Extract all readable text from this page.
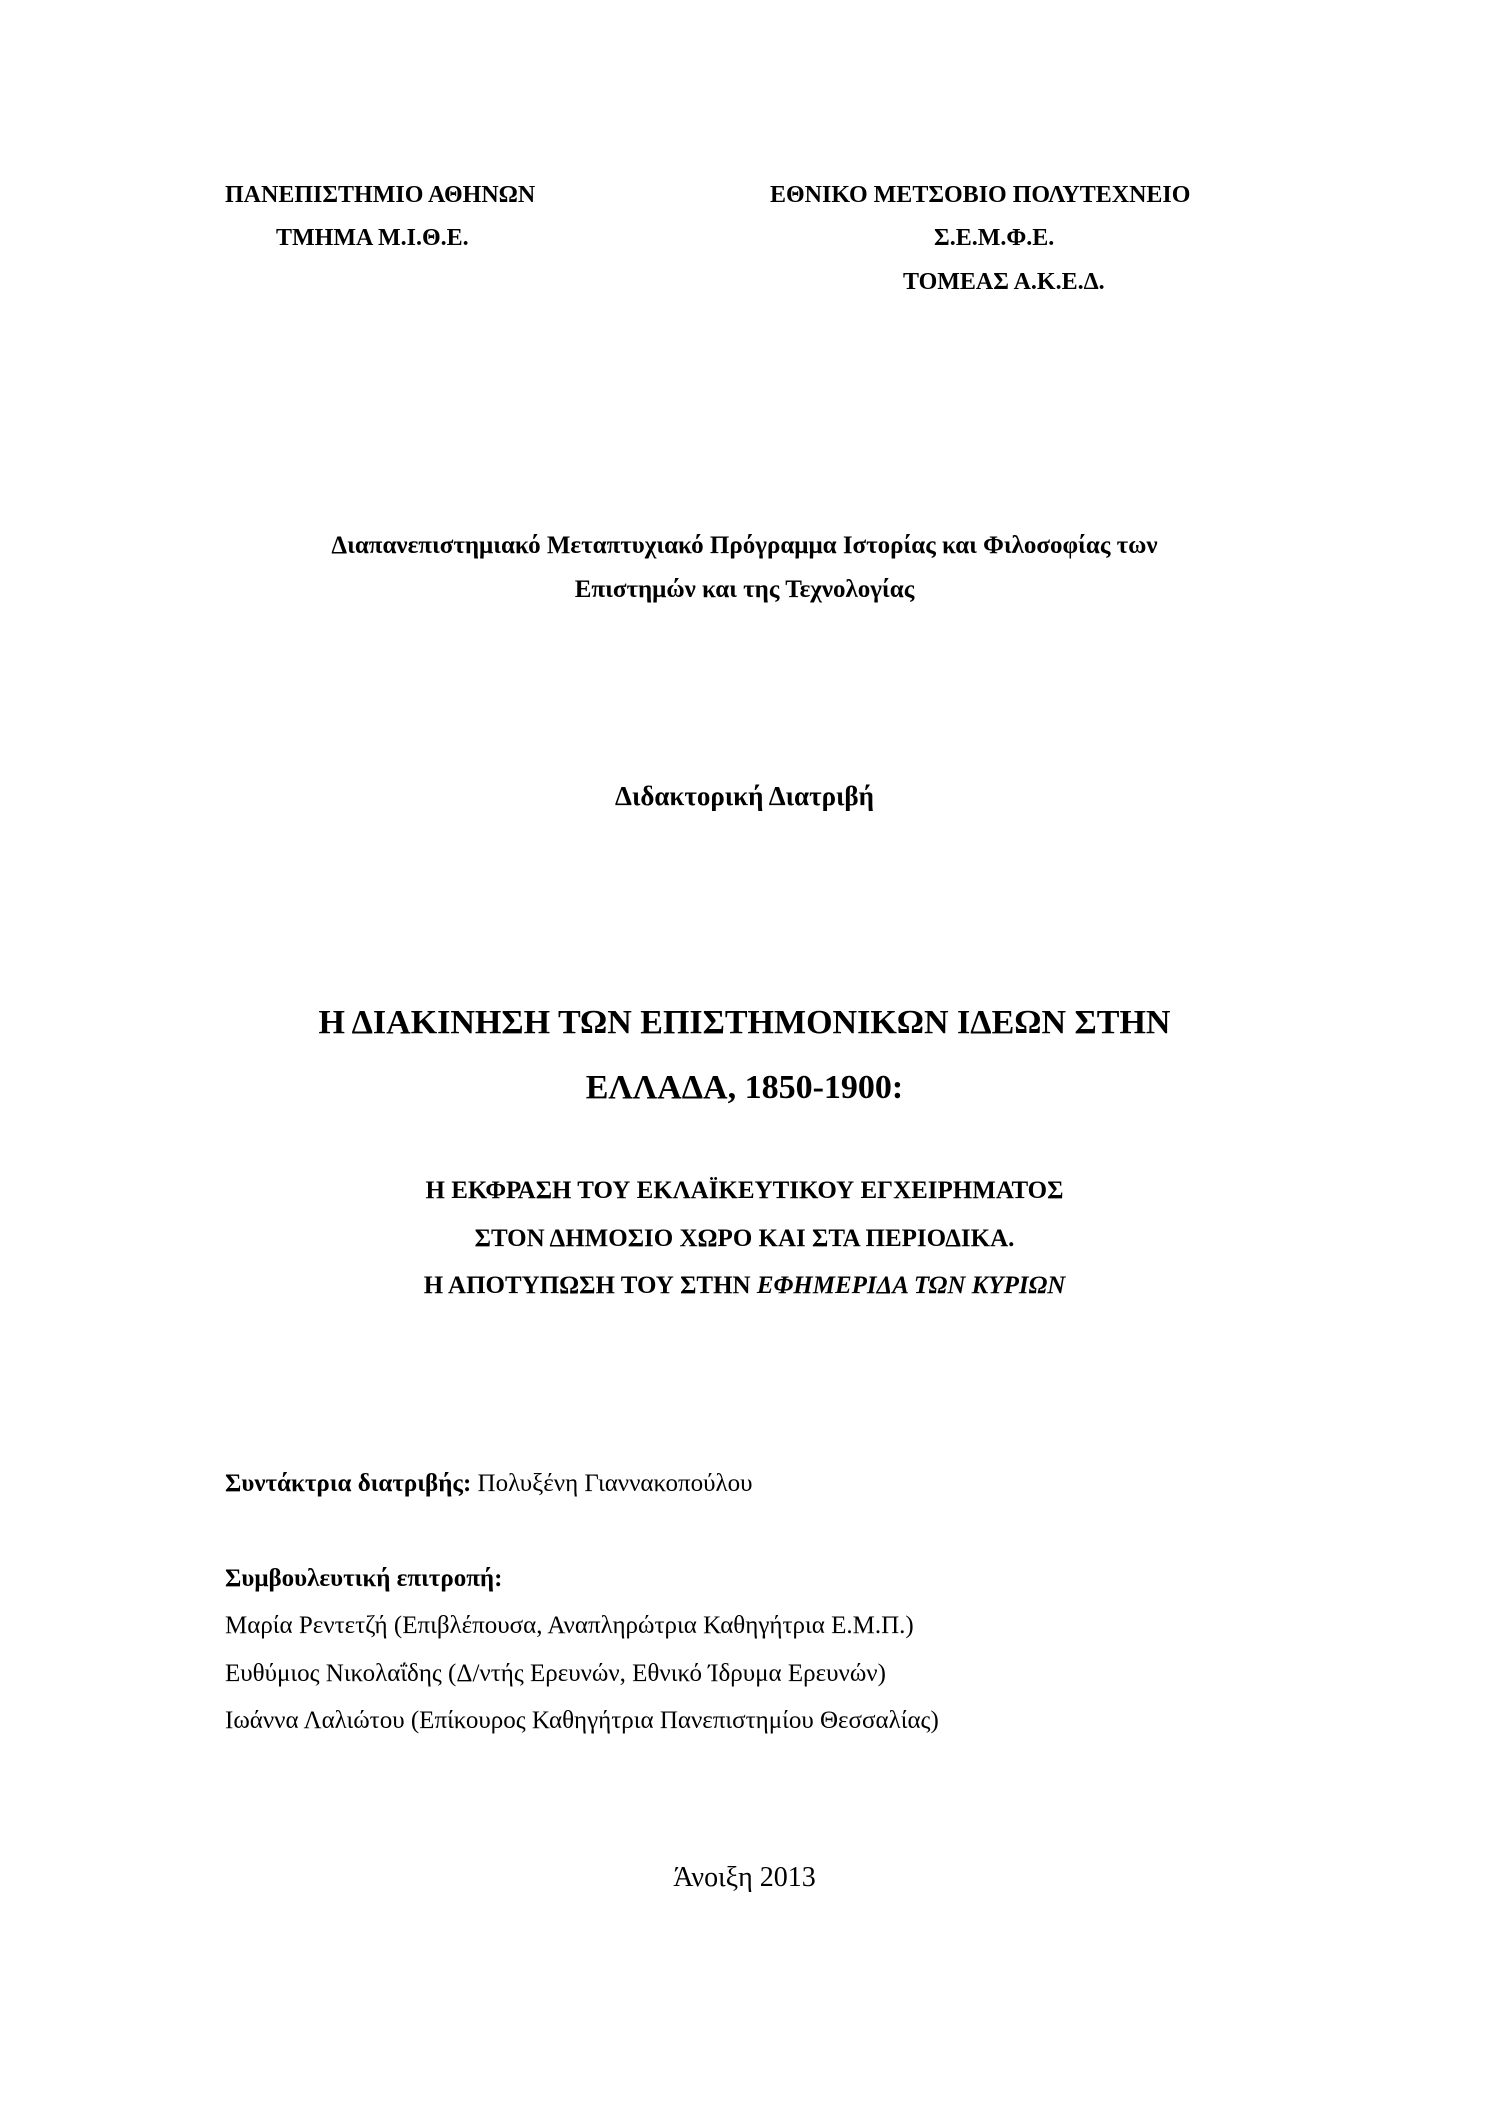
ΠΑΝΕΠΙΣΤΗΜΙΟ ΑΘΗΝΩΝ
ΤΜΗΜΑ Μ.Ι.Θ.Ε.
ΕΘΝΙΚΟ ΜΕΤΣΟΒΙΟ ΠΟΛΥΤΕΧΝΕΙΟ
Σ.Ε.Μ.Φ.Ε.
ΤΟΜΕΑΣ Α.Κ.Ε.Δ.
Διαπανεπιστημιακό Μεταπτυχιακό Πρόγραμμα Ιστορίας και Φιλοσοφίας των
Επιστημών και της Τεχνολογίας
Διδακτορική Διατριβή
Η ΔΙΑΚΙΝΗΣΗ ΤΩΝ ΕΠΙΣΤΗΜΟΝΙΚΩΝ ΙΔΕΩΝ ΣΤΗΝ
ΕΛΛΑΔΑ, 1850-1900:
Η ΕΚΦΡΑΣΗ ΤΟΥ ΕΚΛΑΪΚΕΥΤΙΚΟΥ ΕΓΧΕΙΡΗΜΑΤΟΣ
ΣΤΟΝ ΔΗΜΟΣΙΟ ΧΩΡΟ ΚΑΙ ΣΤΑ ΠΕΡΙΟΔΙΚΑ.
Η ΑΠΟΤΥΠΩΣΗ ΤΟΥ ΣΤΗΝ ΕΦΗΜΕΡΙΔΑ ΤΩΝ ΚΥΡΙΩΝ
Συντάκτρια διατριβής: Πολυξένη Γιαννακοπούλου
Συμβουλευτική επιτροπή:
Μαρία Ρεντετζή (Επιβλέπουσα, Αναπληρώτρια Καθηγήτρια Ε.Μ.Π.)
Ευθύμιος Νικολαΐδης (Δ/ντής Ερευνών, Εθνικό Ίδρυμα Ερευνών)
Ιωάννα Λαλιώτου (Επίκουρος Καθηγήτρια Πανεπιστημίου Θεσσαλίας)
Άνοιξη 2013
